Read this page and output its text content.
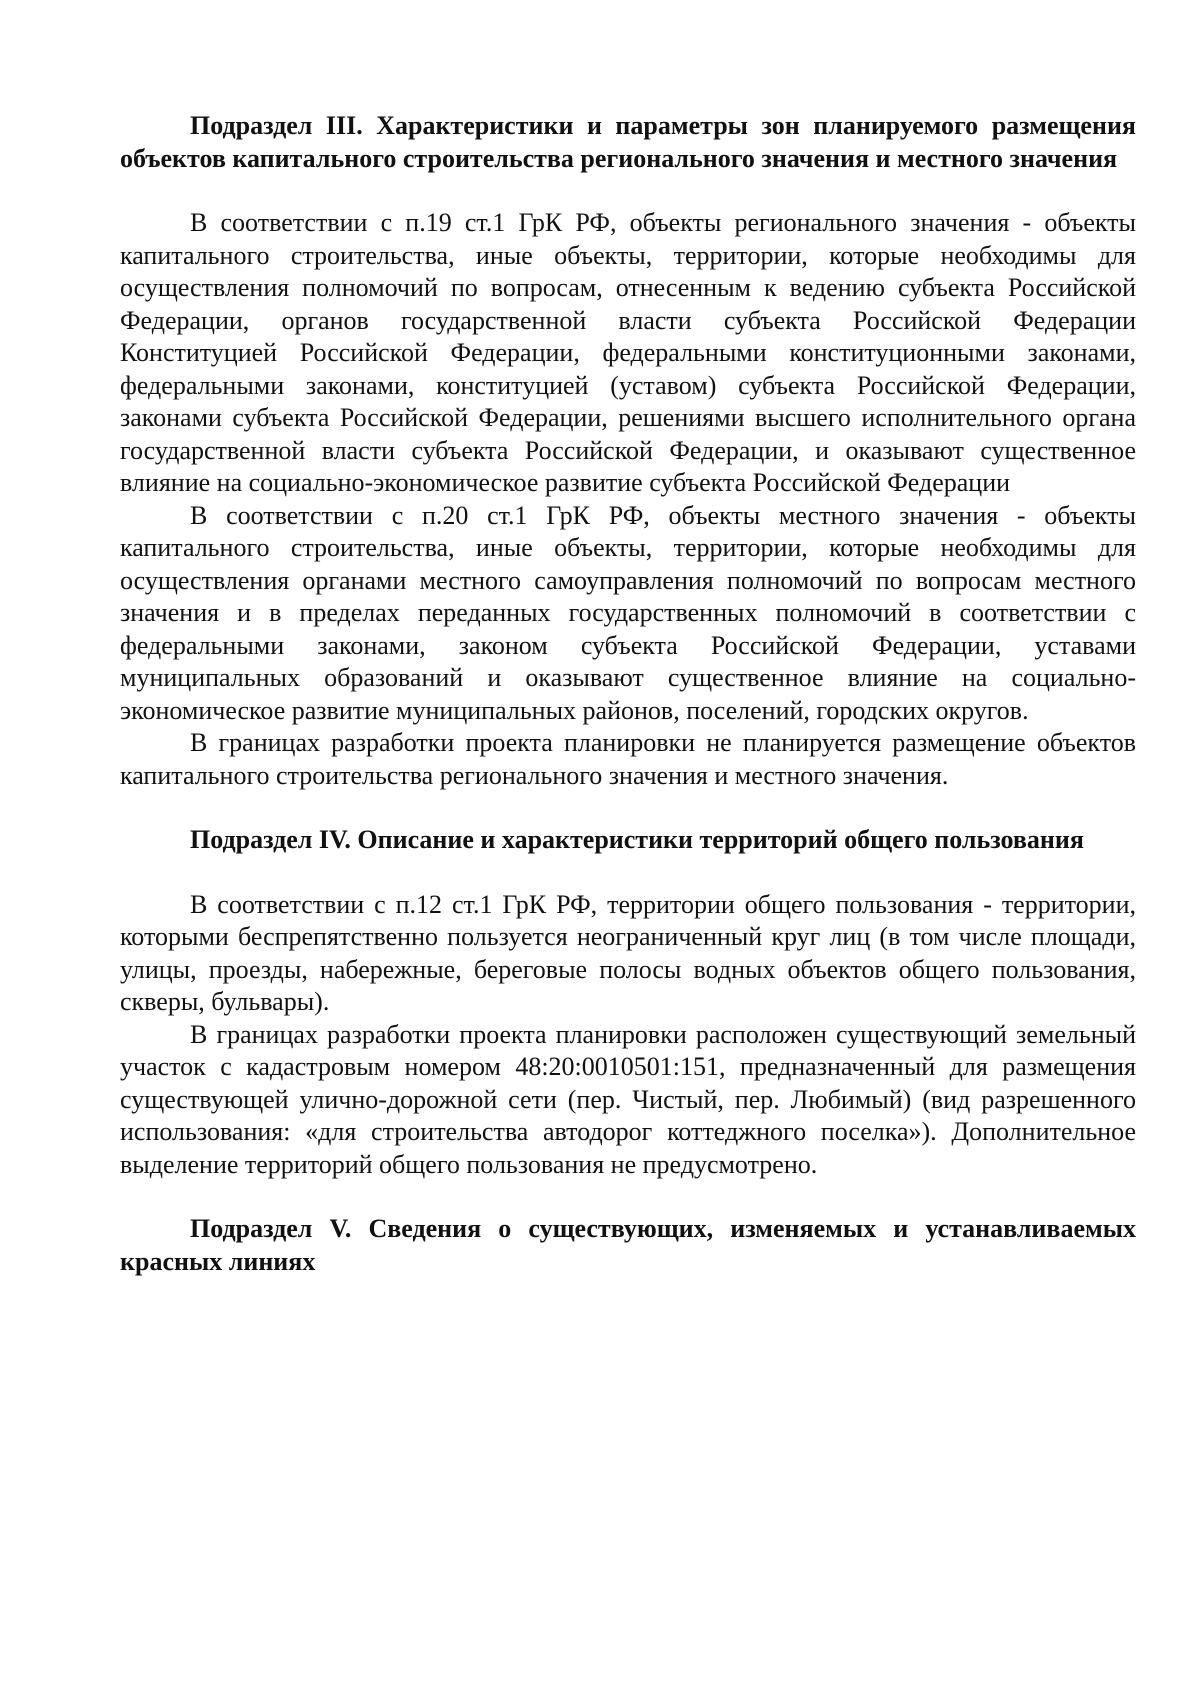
Подраздел III. Характеристики и параметры зон планируемого размещения объектов капитального строительства регионального значения и местного значения

В соответствии с п.19 ст.1 ГрК РФ, объекты регионального значения - объекты капитального строительства, иные объекты, территории, которые необходимы для осуществления полномочий по вопросам, отнесенным к ведению субъекта Российской Федерации, органов государственной власти субъекта Российской Федерации Конституцией Российской Федерации, федеральными конституционными законами, федеральными законами, конституцией (уставом) субъекта Российской Федерации, законами субъекта Российской Федерации, решениями высшего исполнительного органа государственной власти субъекта Российской Федерации, и оказывают существенное влияние на социально-экономическое развитие субъекта Российской Федерации

В соответствии с п.20 ст.1 ГрК РФ, объекты местного значения - объекты капитального строительства, иные объекты, территории, которые необходимы для осуществления органами местного самоуправления полномочий по вопросам местного значения и в пределах переданных государственных полномочий в соответствии с федеральными законами, законом субъекта Российской Федерации, уставами муниципальных образований и оказывают существенное влияние на социально-экономическое развитие муниципальных районов, поселений, городских округов.

В границах разработки проекта планировки не планируется размещение объектов капитального строительства регионального значения и местного значения.

Подраздел IV. Описание и характеристики территорий общего пользования

В соответствии с п.12 ст.1 ГрК РФ, территории общего пользования - территории, которыми беспрепятственно пользуется неограниченный круг лиц (в том числе площади, улицы, проезды, набережные, береговые полосы водных объектов общего пользования, скверы, бульвары).

В границах разработки проекта планировки расположен существующий земельный участок с кадастровым номером 48:20:0010501:151, предназначенный для размещения существующей улично-дорожной сети (пер. Чистый, пер. Любимый) (вид разрешенного использования: «для строительства автодорог коттеджного поселка»). Дополнительное выделение территорий общего пользования не предусмотрено.

Подраздел V. Сведения о существующих, изменяемых и устанавливаемых красных линиях
